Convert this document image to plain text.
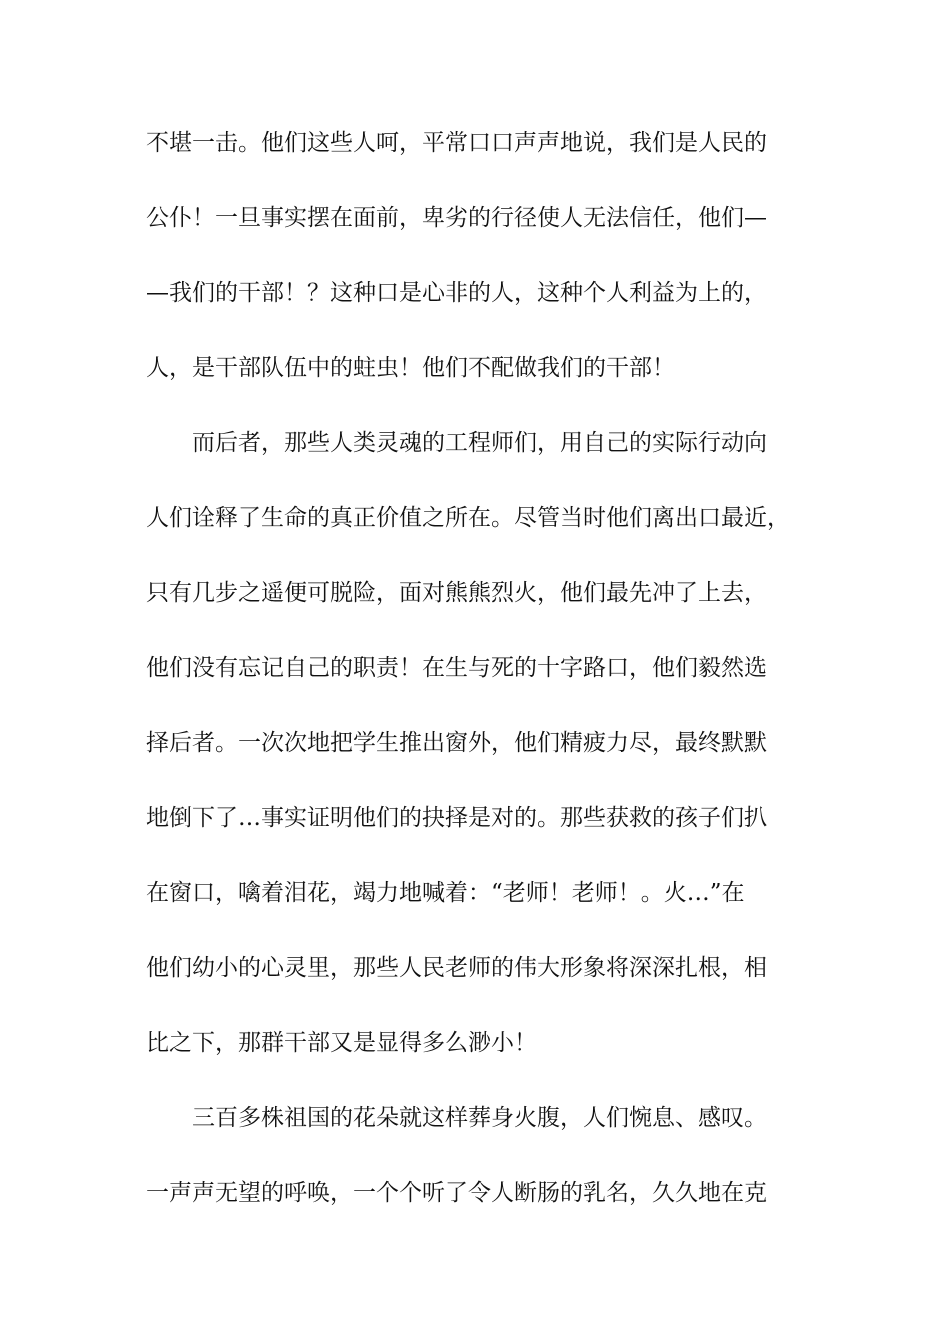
不堪一击。他们这些人呵，平常口口声声地说，我们是人民的
公仆！一旦事实摆在面前，卑劣的行径使人无法信任，他们—
—我们的干部！？这种口是心非的人，这种个人利益为上的，
人，是干部队伍中的蛀虫！他们不配做我们的干部！
而后者，那些人类灵魂的工程师们，用自己的实际行动向
人们诠释了生命的真正价值之所在。尽管当时他们离出口最近，
只有几步之遥便可脱险，面对熊熊烈火，他们最先冲了上去，
他们没有忘记自己的职责！在生与死的十字路口，他们毅然选
择后者。一次次地把学生推出窗外，他们精疲力尽，最终默默
地倒下了…事实证明他们的抉择是对的。那些获救的孩子们扒
在窗口，噙着泪花，竭力地喊着：“老师！老师！。火…”在
他们幼小的心灵里，那些人民老师的伟大形象将深深扎根，相
比之下，那群干部又是显得多么渺小！
三百多株祖国的花朵就这样葬身火腹，人们惋息、感叹。
一声声无望的呼唤，一个个听了令人断肠的乳名，久久地在克
